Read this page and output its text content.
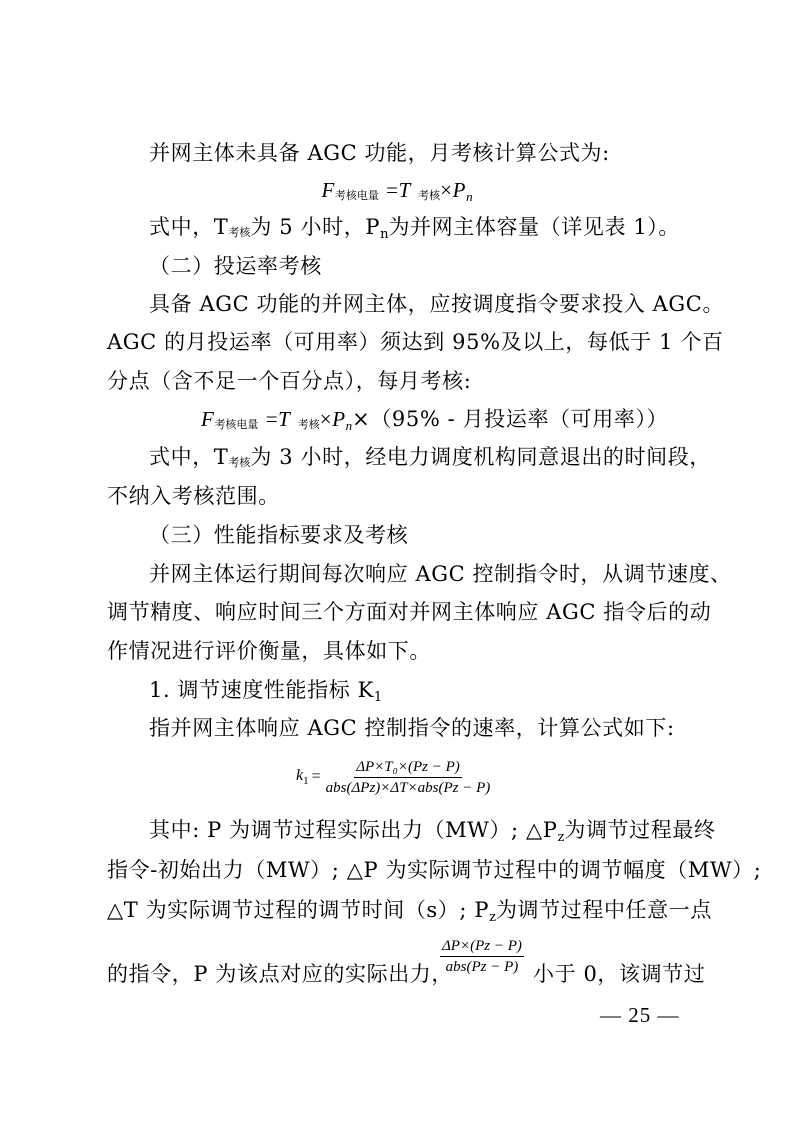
并网主体未具备 AGC 功能，月考核计算公式为:
F考核电量 =T 考核$\times P_n$
式中，T考核为 5 小时，$P_n$为并网主体容量（详见表 1）。
（二）投运率考核
具备 AGC 功能的并网主体，应按调度指令要求投入 AGC。
AGC 的月投运率（可用率）须达到 95%及以上，每低于 1 个百
分点（含不足一个百分点），每月考核:
F考核电量 =T 考核$\times P_n\times(95\%$ - 月投运率（可用率））
式中，T考核为 3 小时，经电力调度机构同意退出的时间段，
不纳入考核范围。
（三）性能指标要求及考核
并网主体运行期间每次响应 AGC 控制指令时，从调节速度、
调节精度、响应时间三个方面对并网主体响应 AGC 指令后的动
作情况进行评价衡量，具体如下。
1. 调节速度性能指标 $K_1$
指并网主体响应 AGC 控制指令的速率，计算公式如下:
$k_1 = \frac{\text{ΔP×T₀×(Pz − P)}}{\text{abs(ΔPz)×ΔT×abs(Pz − P)}}$
其中: P 为调节过程实际出力（MW）; $\triangle P_z$为调节过程最终
指令-初始出力（MW）; △P 为实际调节过程中的调节幅度（MW）;
△T 为实际调节过程的调节时间（s）; $P_z$为调节过程中任意一点
的指令，P 为该点对应的实际出力，
$\frac{\Delta P\times(Pz - P)}{\text{abs(Pz − P)}}$ 小于 0，该调节过
— 25 —
